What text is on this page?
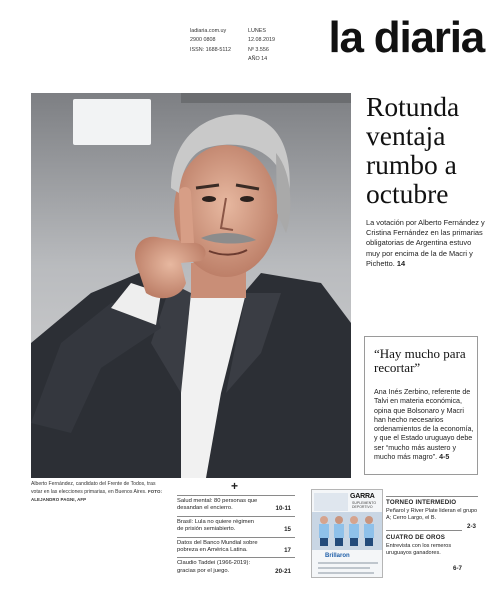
ladiaria.com.uy
2900 0808
ISSN: 1688-5112
LUNES
12.08.2019
Nº 3.556
AÑO 14 la diaria
Alberto Fernández, candidato del Frente de Todos, tras votar en las elecciones primarias, en Buenos Aires. FOTO: ALEJANDRO PAGNI, AFP
Rotunda
ventaja
rumbo a
octubre
La votación por Alberto Fernández y Cristina Fernández en las primarias obligatorias de Argentina estuvo muy por encima de la de Macri y Pichetto. 14
“Hay mucho para recortar”
Ana Inés Zerbino, referente de Talvi en materia económica, opina que Bolsonaro y Macri han hecho necesarios ordenamientos de la economía, y que el Estado uruguayo debe ser “mucho más austero y mucho más magro”. 4-5
+
Salud mental: 80 personas que desandan el encierro.	10-11
Brasil: Lula no quiere régimen de prisión semiabierto.	15
Datos del Banco Mundial sobre pobreza en América Latina.	17
Claudio Taddei (1966-2019): gracias por el juego.	20-21
GARRA
SUPLEMENTO DEPORTIVO
Brillaron
TORNEO INTERMEDIO
Peñarol y River Plate lideran el grupo A; Cerro Largo, el B.
2-3
CUATRO DE OROS
Entrevista con los remeros uruguayos ganadores.
6-7
